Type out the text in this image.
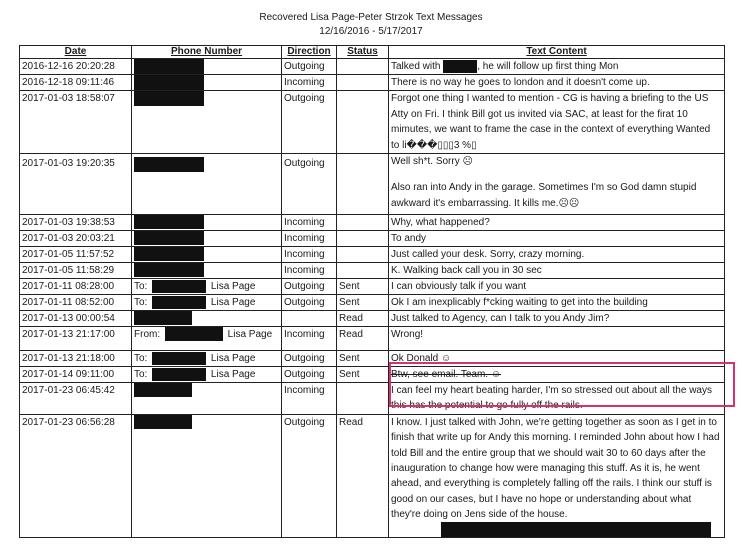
Recovered Lisa Page-Peter Strzok Text Messages
12/16/2016 - 5/17/2017
Date	Phone Number	Direction	Status	Text Content
2016-12-16 20:20:28		Outgoing		Talked with , he will follow up first thing Mon
2016-12-18 09:11:46		Incoming		There is no way he goes to london and it doesn't come up.
2017-01-03 18:58:07		Outgoing		Forgot one thing I wanted to mention - CG is having a briefing to the US Atty on Fri. I think Bill got us invited via SAC, at least for the firat 10 mimutes, we want to frame the case in the context of everything Wanted to li���▯▯▯3 %▯
2017-01-03 19:20:35		Outgoing		Well sh*t. Sorry ☹
Also ran into Andy in the garage. Sometimes I'm so God damn stupid awkward it's embarrassing. It kills me.☹☹

2017-01-03 19:38:53		Incoming		Why, what happened?
2017-01-03 20:03:21		Incoming		To andy
2017-01-05 11:57:52		Incoming		Just called your desk. Sorry, crazy morning.
2017-01-05 11:58:29		Incoming		K. Walking back call you in 30 sec
2017-01-11 08:28:00	To: Lisa Page	Outgoing	Sent	I can obviously talk if you want
2017-01-11 08:52:00	To: Lisa Page	Outgoing	Sent	Ok I am inexplicably f*cking waiting to get into the building
2017-01-13 00:00:54			Read	Just talked to Agency, can I talk to you Andy Jim?
2017-01-13 21:17:00	From: Lisa Page	Incoming	Read	Wrong!
2017-01-13 21:18:00	To: Lisa Page	Outgoing	Sent	Ok Donald ☺
2017-01-14 09:11:00	To: Lisa Page	Outgoing	Sent	Btw, see email. Team. ☺
2017-01-23 06:45:42		Incoming		I can feel my heart beating harder, I'm so stressed out about all the ways this has the potential to go fully off the rails.
2017-01-23 06:56:28		Outgoing	Read	I know. I just talked with John, we're getting together as soon as I get in to finish that write up for Andy this morning. I reminded John about how I had told Bill and the entire group that we should wait 30 to 60 days after the inauguration to change how were managing this stuff. As it is, he went ahead, and everything is completely falling off the rails. I think our stuff is good on our cases, but I have no hope or understanding about what they're doing on Jens side of the house.
